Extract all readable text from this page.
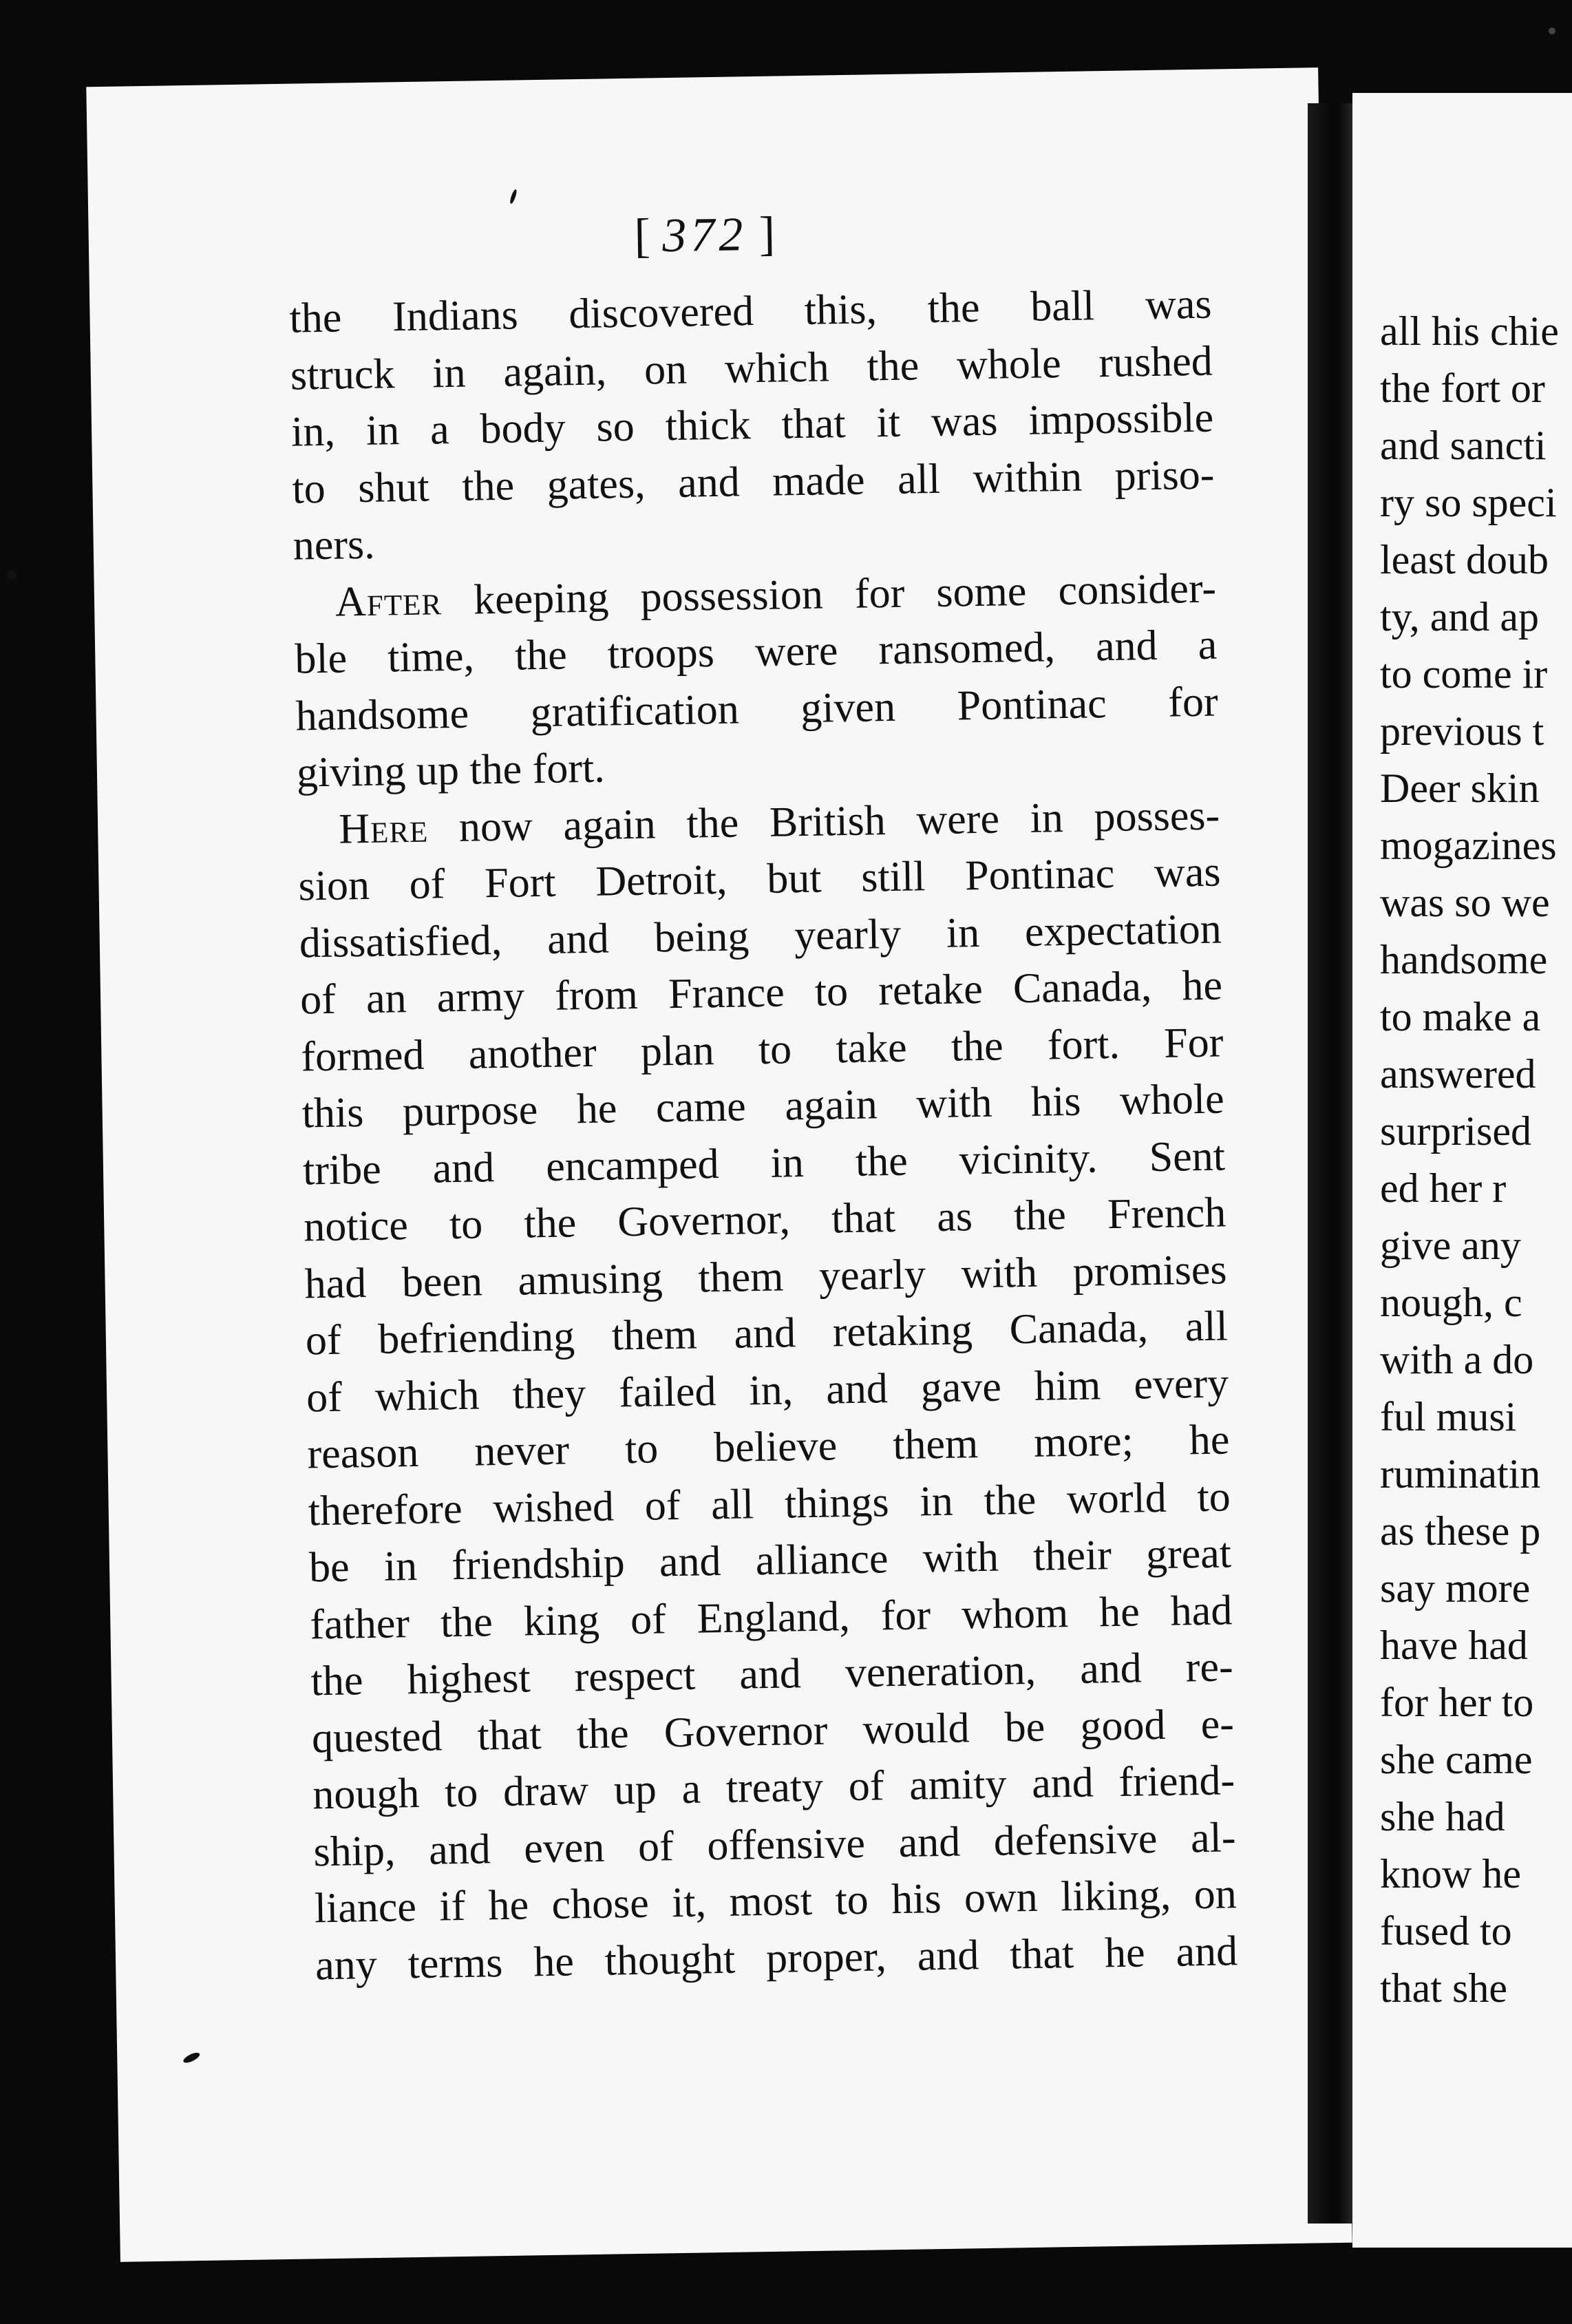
[ 372 ]
the Indians discovered this, the ball was
struck in again, on which the whole rushed
in, in a body so thick that it was impossible
to shut the gates, and made all within priso-
ners.
After keeping possession for some consider-
ble time, the troops were ransomed, and a
handsome gratification given Pontinac for
giving up the fort.
Here now again the British were in posses-
sion of Fort Detroit, but still Pontinac was
dissatisfied, and being yearly in expectation
of an army from France to retake Canada, he
formed another plan to take the fort. For
this purpose he came again with his whole
tribe and encamped in the vicinity. Sent
notice to the Governor, that as the French
had been amusing them yearly with promises
of befriending them and retaking Canada, all
of which they failed in, and gave him every
reason never to believe them more; he
therefore wished of all things in the world to
be in friendship and alliance with their great
father the king of England, for whom he had
the highest respect and veneration, and re-
quested that the Governor would be good e-
nough to draw up a treaty of amity and friend-
ship, and even of offensive and defensive al-
liance if he chose it, most to his own liking, on
any terms he thought proper, and that he and
all his chie
the fort or
and sancti
ry so speci
least doub
ty, and ap
to come ir
previous t
Deer skin
mogazines
was so we
handsome
to make a
answered
surprised
ed her r
give any
nough, c
with a do
ful musi
ruminatin
as these p
say more
have had
for her to
she came
she had
know he
fused to
that she
